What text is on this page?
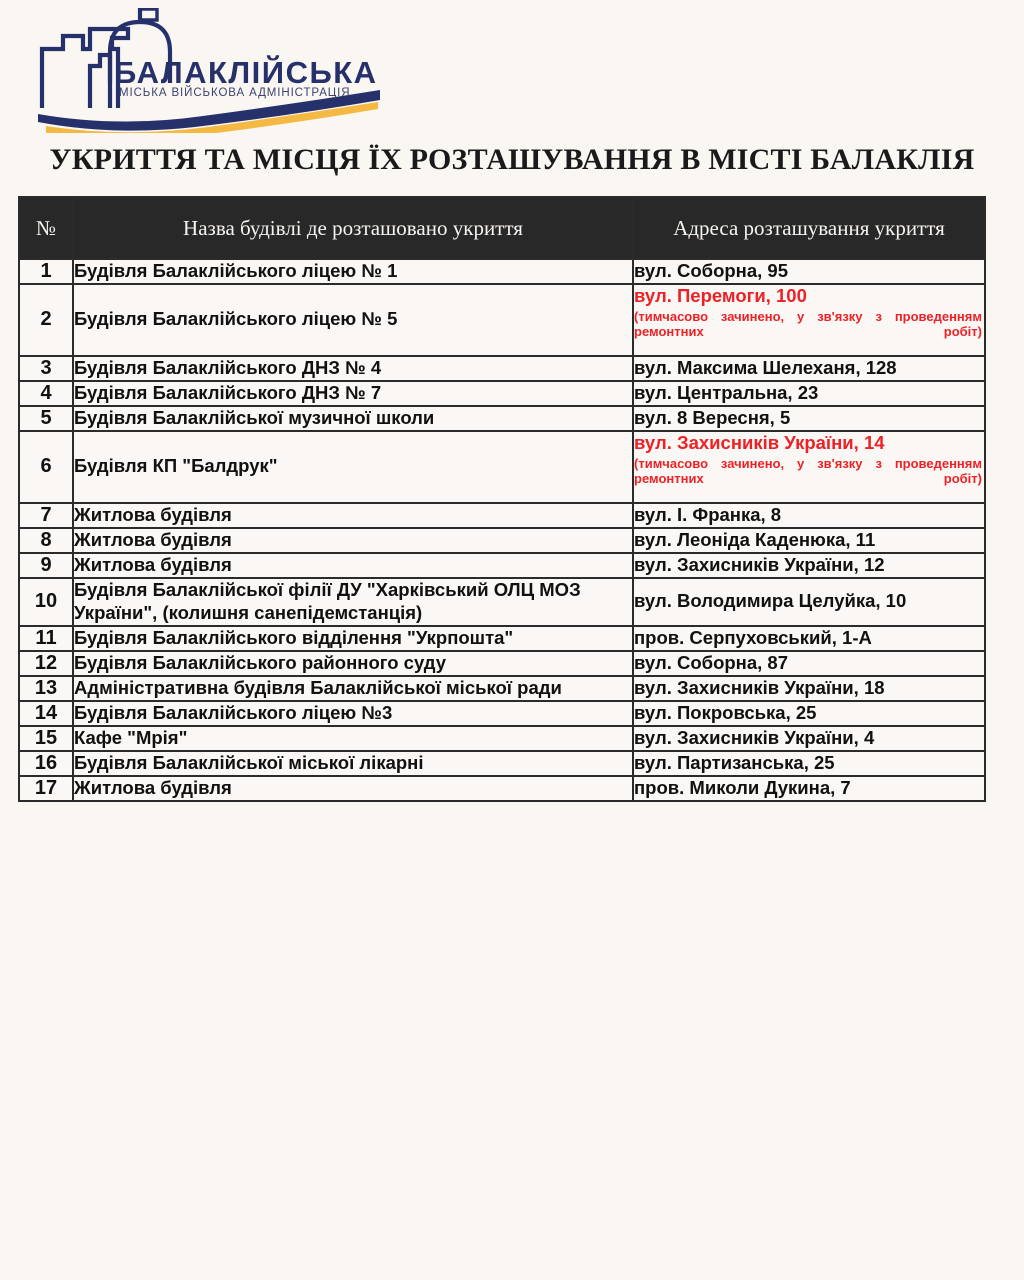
БАЛАКЛІЙСЬКА
МІСЬКА ВІЙСЬКОВА АДМІНІСТРАЦІЯ
УКРИТТЯ ТА МІСЦЯ ЇХ РОЗТАШУВАННЯ В МІСТІ БАЛАКЛІЯ
№	Назва будівлі де розташовано укриття	Адреса розташування укриття
1	Будівля Балаклійського ліцею № 1	вул. Соборна, 95
2	Будівля Балаклійського ліцею № 5	вул. Перемоги, 100
(тимчасово зачинено, у зв'язку з проведенням ремонтних робіт)

3	Будівля Балаклійського ДНЗ № 4	вул. Максима Шелеханя, 128
4	Будівля Балаклійського ДНЗ № 7	вул. Центральна, 23
5	Будівля Балаклійської музичної школи	вул. 8 Вересня, 5
6	Будівля КП "Балдрук"	вул. Захисників України, 14
(тимчасово зачинено, у зв'язку з проведенням ремонтних робіт)

7	Житлова будівля	вул. І. Франка, 8
8	Житлова будівля	вул. Леоніда Каденюка, 11
9	Житлова будівля	вул. Захисників України, 12
10	Будівля Балаклійської філії ДУ "Харківський ОЛЦ МОЗ України", (колишня санепідемстанція)	вул. Володимира Целуйка, 10
11	Будівля Балаклійського відділення "Укрпошта"	пров. Серпуховський, 1-А
12	Будівля Балаклійського районного суду	вул. Соборна, 87
13	Адміністративна будівля Балаклійської міської ради	вул. Захисників України, 18
14	Будівля Балаклійського ліцею №3	вул. Покровська, 25
15	Кафе "Мрія"	вул. Захисників України, 4
16	Будівля Балаклійської міської лікарні	вул. Партизанська, 25
17	Житлова будівля	пров. Миколи Дукина, 7
